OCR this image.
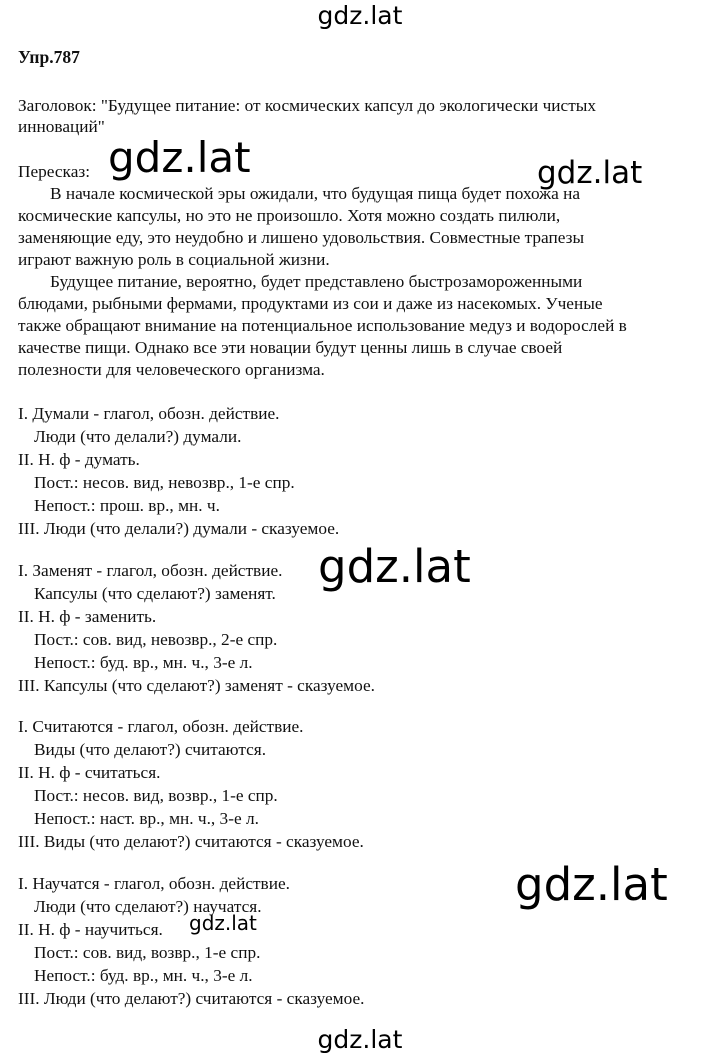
gdz.lat
Упр.787
Заголовок: "Будущее питание: от космических капсул до экологически чистых
инноваций"
Пересказ:
В начале космической эры ожидали, что будущая пища будет похожа на
космические капсулы, но это не произошло. Хотя можно создать пилюли,
заменяющие еду, это неудобно и лишено удовольствия. Совместные трапезы
играют важную роль в социальной жизни.
Будущее питание, вероятно, будет представлено быстрозамороженными
блюдами, рыбными фермами, продуктами из сои и даже из насекомых. Ученые
также обращают внимание на потенциальное использование медуз и водорослей в
качестве пищи. Однако все эти новации будут ценны лишь в случае своей
полезности для человеческого организма.
I. Думали - глагол, обозн. действие.
Люди (что делали?) думали.
II. Н. ф - думать.
Пост.: несов. вид, невозвр., 1-е спр.
Непост.: прош. вр., мн. ч.
III. Люди (что делали?) думали - сказуемое.
I. Заменят - глагол, обозн. действие.
Капсулы (что сделают?) заменят.
II. Н. ф - заменить.
Пост.: сов. вид, невозвр., 2-е спр.
Непост.: буд. вр., мн. ч., 3-е л.
III. Капсулы (что сделают?) заменят - сказуемое.
I. Считаются - глагол, обозн. действие.
Виды (что делают?) считаются.
II. Н. ф - считаться.
Пост.: несов. вид, возвр., 1-е спр.
Непост.: наст. вр., мн. ч., 3-е л.
III. Виды (что делают?) считаются - сказуемое.
I. Научатся - глагол, обозн. действие.
Люди (что сделают?) научатся.
II. Н. ф - научиться.
Пост.: сов. вид, возвр., 1-е спр.
Непост.: буд. вр., мн. ч., 3-е л.
III. Люди (что делают?) считаются - сказуемое.
gdz.lat	gdz.lat
gdz.lat
gdz.lat
gdz.lat
gdz.lat
